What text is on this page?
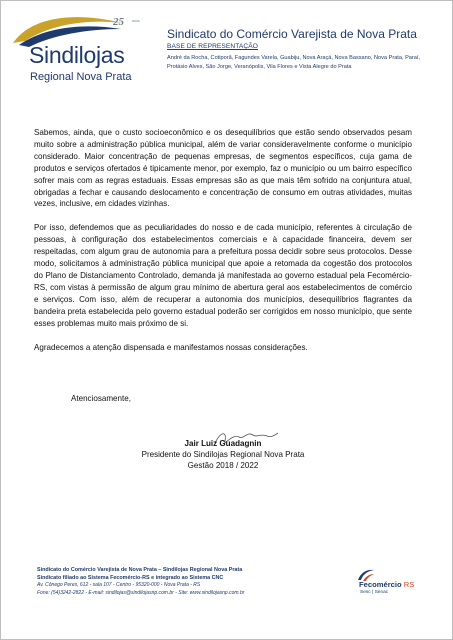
25 anos
Sindilojas
Regional Nova Prata
Sindicato do Comércio Varejista de Nova Prata
BASE DE REPRESENTAÇÃO
André da Rocha, Cotiporã, Fagundes Varela, Guabiju, Nova Araçá, Nova Bassano, Nova Prata, Paraí, Protásio Alves, São Jorge, Veranópolis, Vila Flores e Vista Alegre do Prata

Sabemos, ainda, que o custo socioeconômico e os desequilíbrios que estão sendo observados pesam muito sobre a administração pública municipal, além de variar consideravelmente conforme o município considerado. Maior concentração de pequenas empresas, de segmentos específicos, cuja gama de produtos e serviços ofertados é tipicamente menor, por exemplo, faz o município ou um bairro específico sofrer mais com as regras estaduais. Essas empresas são as que mais têm sofrido na conjuntura atual, obrigadas a fechar e causando deslocamento e concentração de consumo em outras atividades, muitas vezes, inclusive, em cidades vizinhas.

Por isso, defendemos que as peculiaridades do nosso e de cada município, referentes à circulação de pessoas, à configuração dos estabelecimentos comerciais e à capacidade financeira, devem ser respeitadas, com algum grau de autonomia para a prefeitura possa decidir sobre seus protocolos. Desse modo, solicitamos à administração pública municipal que apoie a retomada da cogestão dos protocolos do Plano de Distanciamento Controlado, demanda já manifestada ao governo estadual pela Fecomércio-RS, com vistas à permissão de algum grau mínimo de abertura geral aos estabelecimentos de comércio e serviços. Com isso, além de recuperar a autonomia dos municípios, desequilíbrios flagrantes da bandeira preta estabelecida pelo governo estadual poderão ser corrigidos em nosso município, que sente esses problemas muito mais próximo de si.

Agradecemos a atenção dispensada e manifestamos nossas considerações.

Atenciosamente,
Jair Luiz Guadagnin
Presidente do Sindilojas Regional Nova Prata
Gestão 2018 / 2022
Sindicato do Comércio Varejista de Nova Prata – Sindilojas Regional Nova Prata
Sindicato filiado ao Sistema Fecomércio-RS e integrado ao Sistema CNC
Av. Cônego Peres, 612 - sala 107 - Centro - 95320-000 - Nova Prata - RS
Fone: (54)3242-2822 - E-mail: sindilojas@sindilojasnp.com.br - Site: www.sindilojasnp.com.br
Fecomércio RS
Sesc | Senac
